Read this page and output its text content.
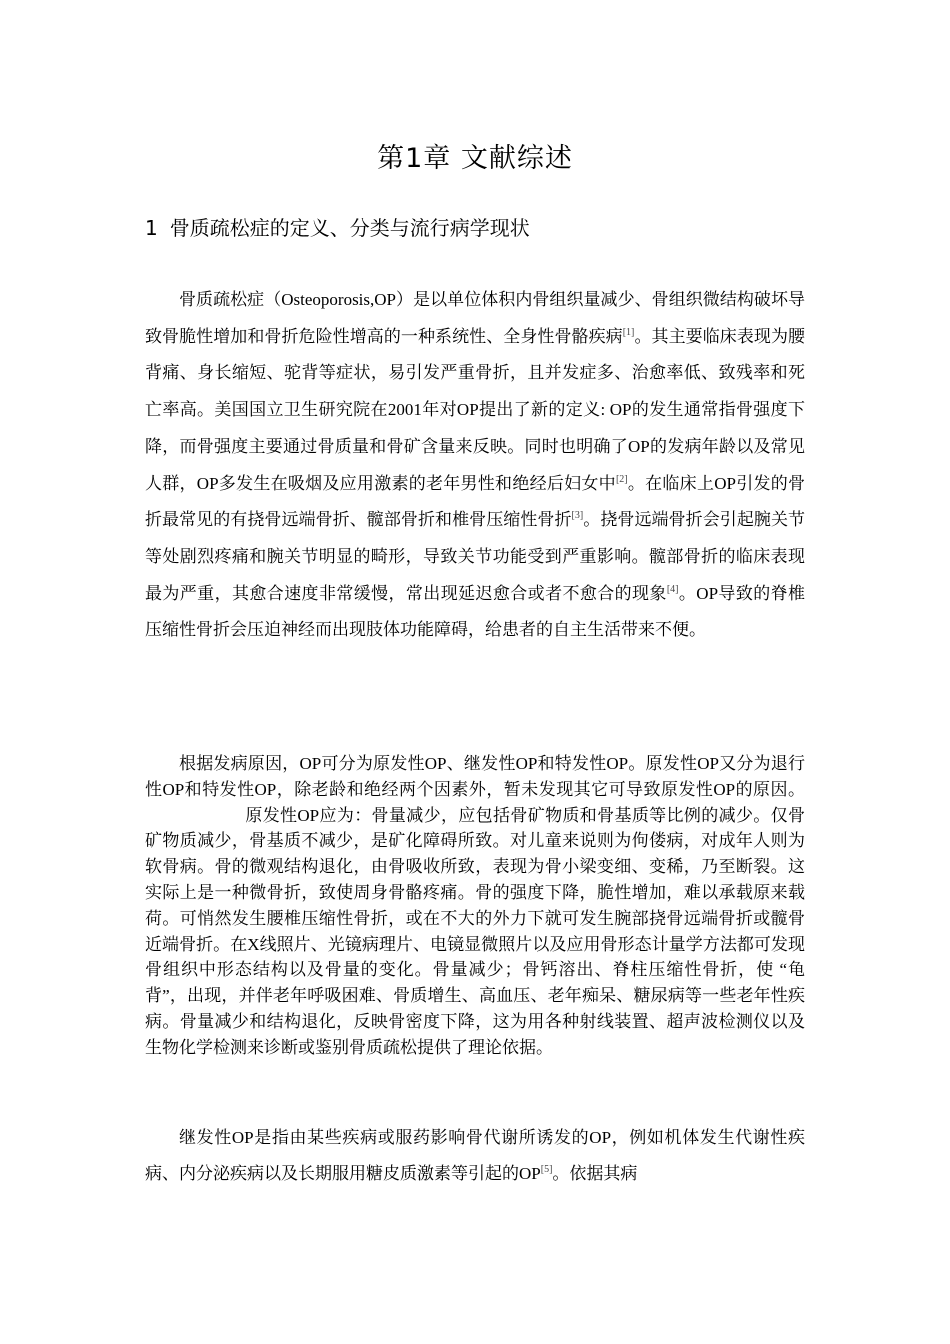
第1章 文献综述
1 骨质疏松症的定义、分类与流行病学现状

骨质疏松症（Osteoporosis,OP）是以单位体积内骨组织量减少、骨组织微结构破坏导致骨脆性增加和骨折危险性增高的一种系统性、全身性骨骼疾病[1]。其主要临床表现为腰背痛、身长缩短、驼背等症状，易引发严重骨折，且并发症多、治愈率低、致残率和死亡率高。美国国立卫生研究院在2001年对OP提出了新的定义: OP的发生通常指骨强度下降，而骨强度主要通过骨质量和骨矿含量来反映。同时也明确了OP的发病年龄以及常见人群，OP多发生在吸烟及应用激素的老年男性和绝经后妇女中[2]。在临床上OP引发的骨折最常见的有挠骨远端骨折、髋部骨折和椎骨压缩性骨折[3]。挠骨远端骨折会引起腕关节等处剧烈疼痛和腕关节明显的畸形，导致关节功能受到严重影响。髋部骨折的临床表现最为严重，其愈合速度非常缓慢，常出现延迟愈合或者不愈合的现象[4]。OP导致的脊椎压缩性骨折会压迫神经而出现肢体功能障碍，给患者的自主生活带来不便。

根据发病原因，OP可分为原发性OP、继发性OP和特发性OP。原发性OP又分为退行性OP和特发性OP，除老龄和绝经两个因素外，暂未发现其它可导致原发性OP的原因。原发性OP应为：骨量减少，应包括骨矿物质和骨基质等比例的减少。仅骨矿物质减少，骨基质不减少，是矿化障碍所致。对儿童来说则为佝偻病，对成年人则为软骨病。骨的微观结构退化，由骨吸收所致，表现为骨小梁变细、变稀，乃至断裂。这实际上是一种微骨折，致使周身骨骼疼痛。骨的强度下降，脆性增加，难以承载原来载荷。可悄然发生腰椎压缩性骨折，或在不大的外力下就可发生腕部挠骨远端骨折或髋骨近端骨折。在X线照片、光镜病理片、电镜显微照片以及应用骨形态计量学方法都可发现骨组织中形态结构以及骨量的变化。骨量减少；骨钙溶出、脊柱压缩性骨折，使 “龟背”，出现，并伴老年呼吸困难、骨质增生、高血压、老年痴呆、糖尿病等一些老年性疾病。骨量减少和结构退化，反映骨密度下降，这为用各种射线装置、超声波检测仪以及生物化学检测来诊断或鉴别骨质疏松提供了理论依据。

继发性OP是指由某些疾病或服药影响骨代谢所诱发的OP，例如机体发生代谢性疾病、内分泌疾病以及长期服用糖皮质激素等引起的OP[5]。依据其病
